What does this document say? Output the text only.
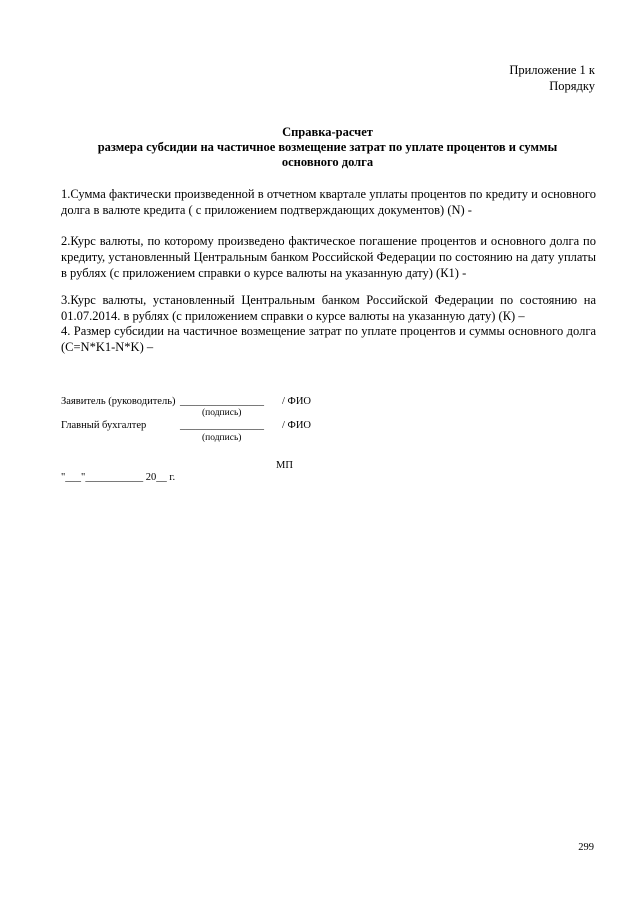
Приложение 1 к
Порядку
Справка-расчет
размера субсидии на частичное возмещение затрат по уплате процентов и суммы
основного долга
1.Сумма фактически произведенной в отчетном квартале уплаты процентов по кредиту и основного долга в валюте кредита ( с приложением подтверждающих документов) (N) -
2.Курс валюты, по которому произведено фактическое погашение процентов и основного долга по кредиту, установленный Центральным банком Российской Федерации по состоянию на дату уплаты в рублях (с приложением справки о курсе валюты на указанную дату) (К1) -
3.Курс валюты, установленный Центральным банком Российской Федерации по состоянию на 01.07.2014. в рублях (с приложением справки о курсе валюты на указанную дату) (К) –
4. Размер субсидии на частичное возмещение затрат по уплате процентов и суммы основного долга (С=N*K1-N*K) –
Заявитель (руководитель) ________________ / ФИО
(подпись)
Главный бухгалтер	________________ / ФИО
(подпись)
МП
"___"___________ 20__ г.
299
